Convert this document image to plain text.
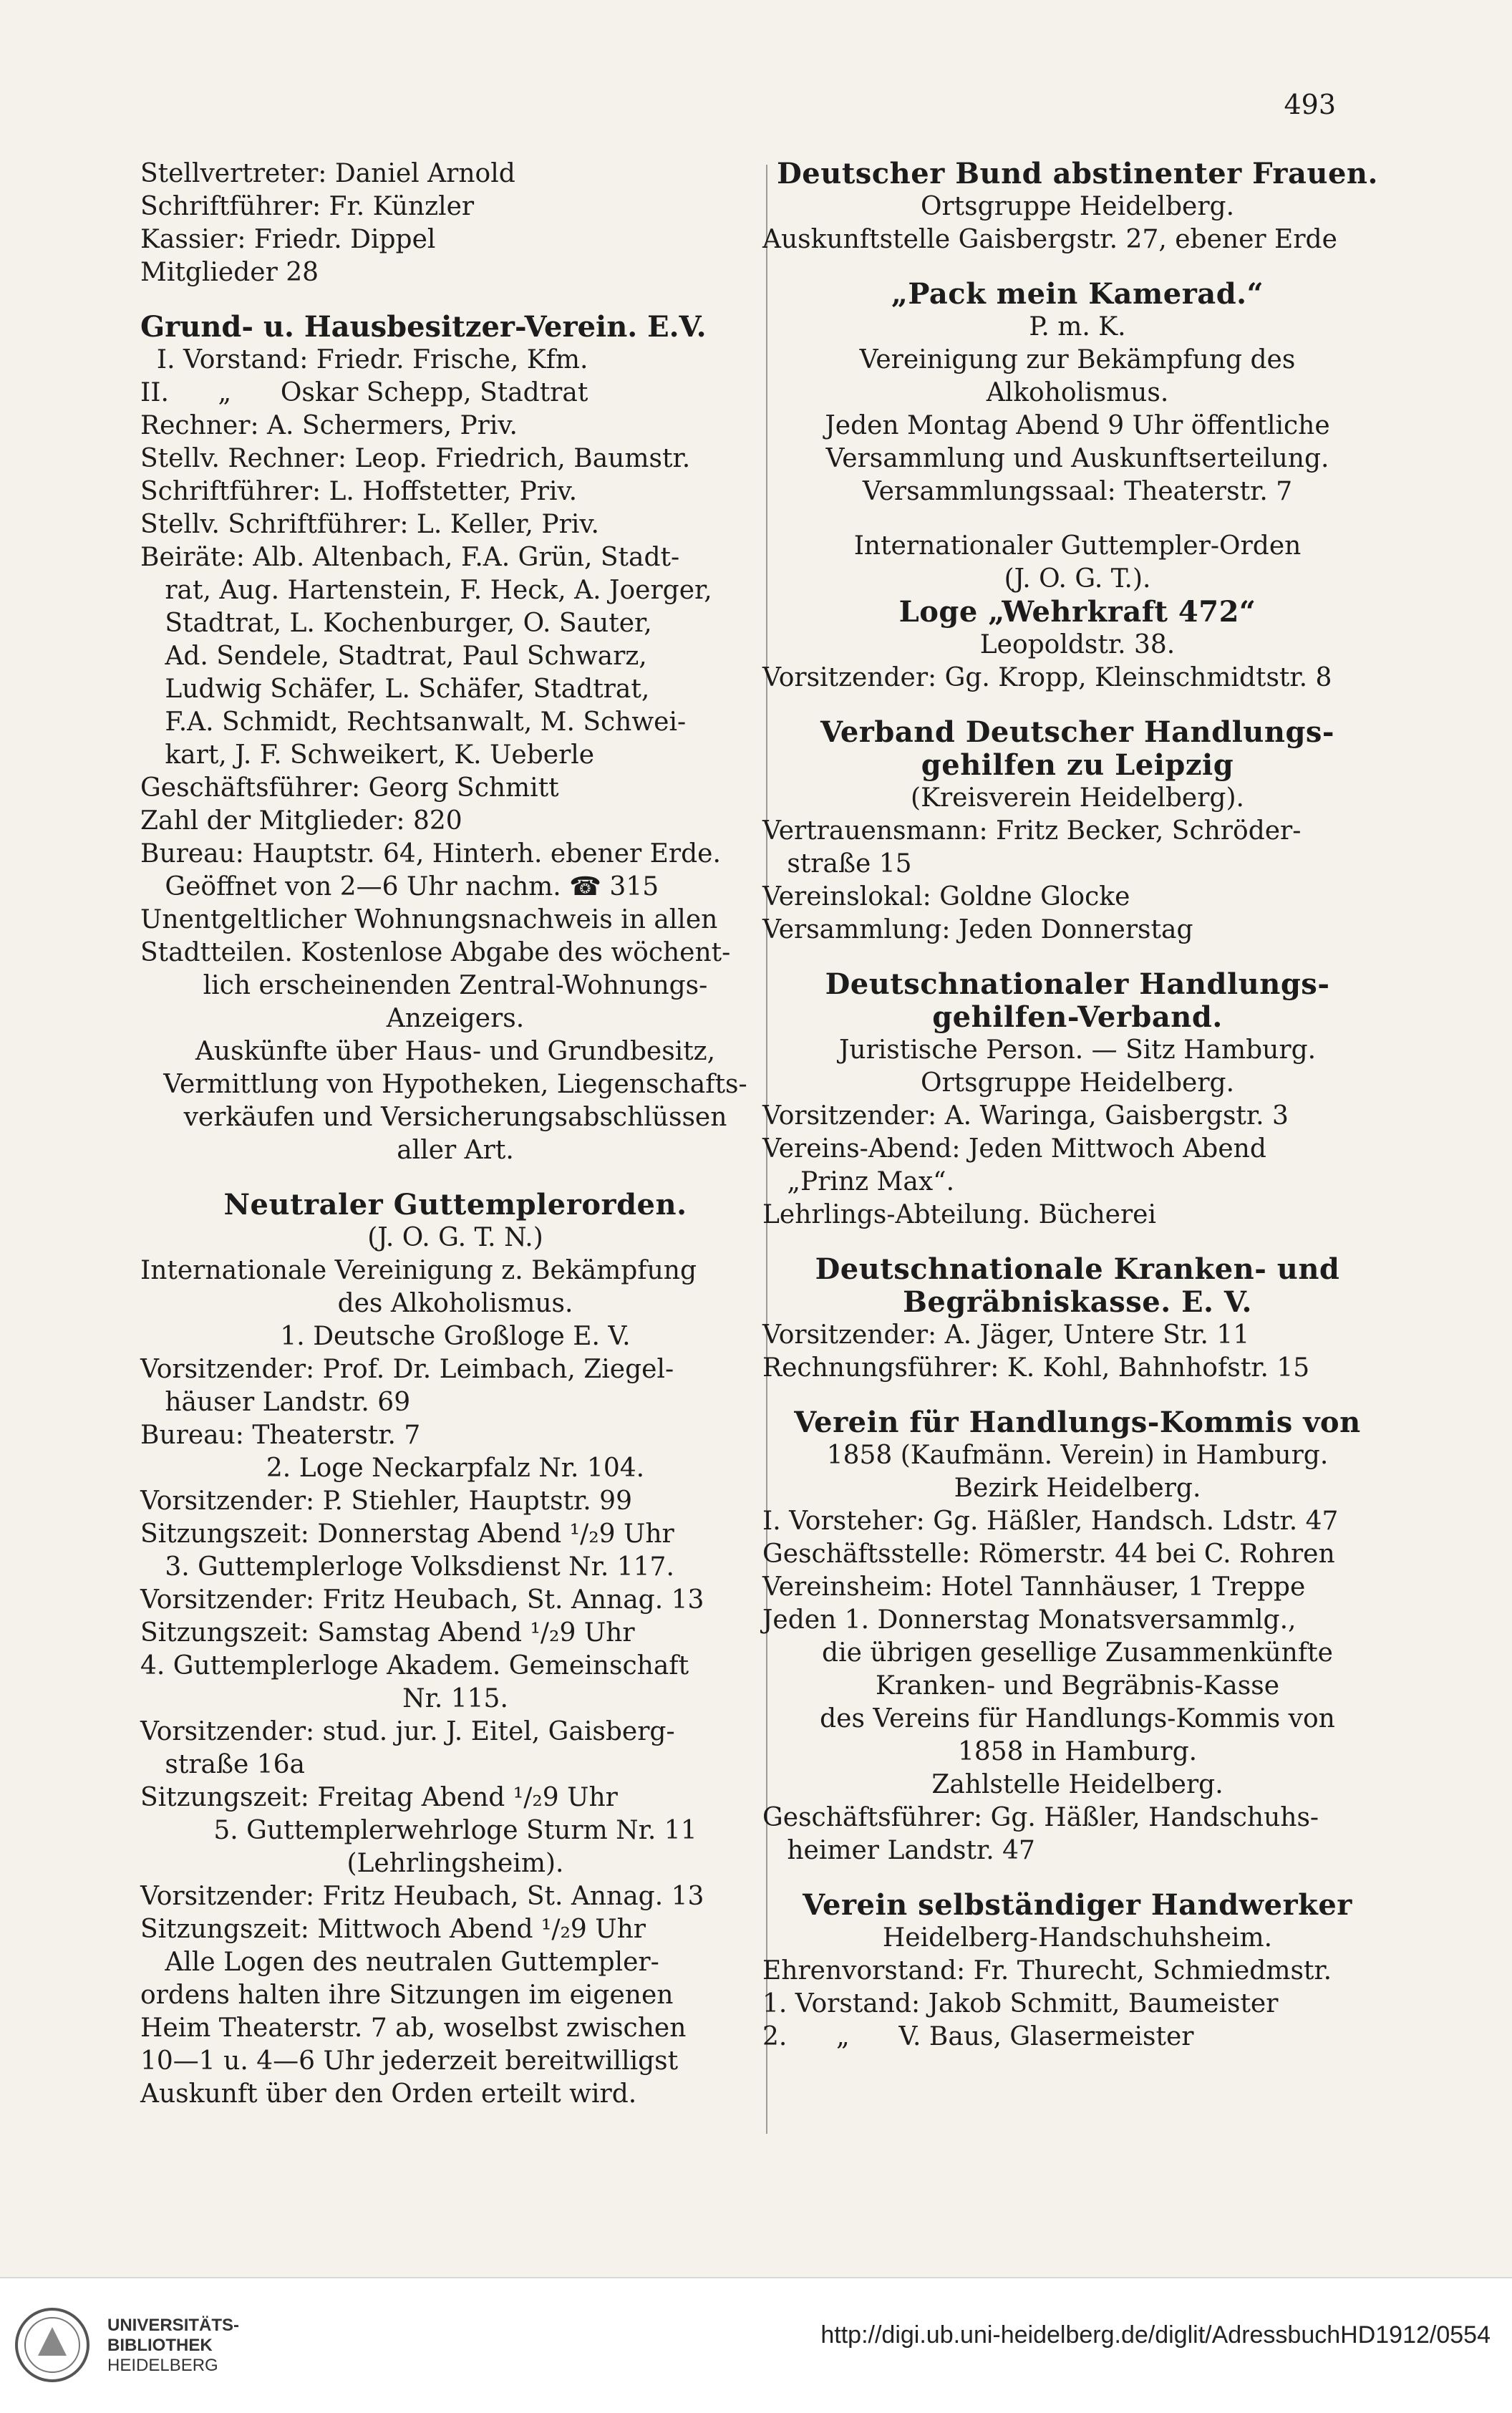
493

Stellvertreter: Daniel Arnold

Schriftführer: Fr. Künzler

Kassier: Friedr. Dippel

Mitglieder 28

Grund- u. Hausbesitzer-Verein. E.V.

I. Vorstand: Friedr. Frische, Kfm.

II.      „      Oskar Schepp, Stadtrat

Rechner: A. Schermers, Priv.

Stellv. Rechner: Leop. Friedrich, Baumstr.

Schriftführer: L. Hoffstetter, Priv.

Stellv. Schriftführer: L. Keller, Priv.

Beiräte: Alb. Altenbach, F.A. Grün, Stadt-

rat, Aug. Hartenstein, F. Heck, A. Joerger,

Stadtrat, L. Kochenburger, O. Sauter,

Ad. Sendele, Stadtrat, Paul Schwarz,

Ludwig Schäfer, L. Schäfer, Stadtrat,

F.A. Schmidt, Rechtsanwalt, M. Schwei-

kart, J. F. Schweikert, K. Ueberle

Geschäftsführer: Georg Schmitt

Zahl der Mitglieder: 820

Bureau: Hauptstr. 64, Hinterh. ebener Erde.

Geöffnet von 2—6 Uhr nachm. ☎ 315

Unentgeltlicher Wohnungsnachweis in allen

Stadtteilen. Kostenlose Abgabe des wöchent-

lich erscheinenden Zentral-Wohnungs-

Anzeigers.

Auskünfte über Haus- und Grundbesitz,

Vermittlung von Hypotheken, Liegenschafts-

verkäufen und Versicherungsabschlüssen

aller Art.

Neutraler Guttemplerorden.

(J. O. G. T. N.)

Internationale Vereinigung z. Bekämpfung

des Alkoholismus.

1. Deutsche Großloge E. V.

Vorsitzender: Prof. Dr. Leimbach, Ziegel-

häuser Landstr. 69

Bureau: Theaterstr. 7

2. Loge Neckarpfalz Nr. 104.

Vorsitzender: P. Stiehler, Hauptstr. 99

Sitzungszeit: Donnerstag Abend ¹/₂9 Uhr

3. Guttemplerloge Volksdienst Nr. 117.

Vorsitzender: Fritz Heubach, St. Annag. 13

Sitzungszeit: Samstag Abend ¹/₂9 Uhr

4. Guttemplerloge Akadem. Gemeinschaft

Nr. 115.

Vorsitzender: stud. jur. J. Eitel, Gaisberg-

straße 16a

Sitzungszeit: Freitag Abend ¹/₂9 Uhr

5. Guttemplerwehrloge Sturm Nr. 11

(Lehrlingsheim).

Vorsitzender: Fritz Heubach, St. Annag. 13

Sitzungszeit: Mittwoch Abend ¹/₂9 Uhr

Alle Logen des neutralen Guttempler-

ordens halten ihre Sitzungen im eigenen

Heim Theaterstr. 7 ab, woselbst zwischen

10—1 u. 4—6 Uhr jederzeit bereitwilligst

Auskunft über den Orden erteilt wird.

Deutscher Bund abstinenter Frauen.

Ortsgruppe Heidelberg.

Auskunftstelle Gaisbergstr. 27, ebener Erde

„Pack mein Kamerad.“

P. m. K.

Vereinigung zur Bekämpfung des

Alkoholismus.

Jeden Montag Abend 9 Uhr öffentliche

Versammlung und Auskunftserteilung.

Versammlungssaal: Theaterstr. 7

Internationaler Guttempler-Orden

(J. O. G. T.).

Loge „Wehrkraft 472“

Leopoldstr. 38.

Vorsitzender: Gg. Kropp, Kleinschmidtstr. 8

Verband Deutscher Handlungs-

gehilfen zu Leipzig

(Kreisverein Heidelberg).

Vertrauensmann: Fritz Becker, Schröder-

straße 15

Vereinslokal: Goldne Glocke

Versammlung: Jeden Donnerstag

Deutschnationaler Handlungs-

gehilfen-Verband.

Juristische Person. — Sitz Hamburg.

Ortsgruppe Heidelberg.

Vorsitzender: A. Waringa, Gaisbergstr. 3

Vereins-Abend: Jeden Mittwoch Abend

„Prinz Max“.

Lehrlings-Abteilung. Bücherei

Deutschnationale Kranken- und

Begräbniskasse. E. V.

Vorsitzender: A. Jäger, Untere Str. 11

Rechnungsführer: K. Kohl, Bahnhofstr. 15

Verein für Handlungs-Kommis von

1858 (Kaufmänn. Verein) in Hamburg.

Bezirk Heidelberg.

I. Vorsteher: Gg. Häßler, Handsch. Ldstr. 47

Geschäftsstelle: Römerstr. 44 bei C. Rohren

Vereinsheim: Hotel Tannhäuser, 1 Treppe

Jeden 1. Donnerstag Monatsversammlg.,

die übrigen gesellige Zusammenkünfte

Kranken- und Begräbnis-Kasse

des Vereins für Handlungs-Kommis von

1858 in Hamburg.

Zahlstelle Heidelberg.

Geschäftsführer: Gg. Häßler, Handschuhs-

heimer Landstr. 47

Verein selbständiger Handwerker

Heidelberg-Handschuhsheim.

Ehrenvorstand: Fr. Thurecht, Schmiedmstr.

1. Vorstand: Jakob Schmitt, Baumeister

2.      „      V. Baus, Glasermeister

UNIVERSITÄTS-
BIBLIOTHEK
HEIDELBERG
http://digi.ub.uni-heidelberg.de/diglit/AdressbuchHD1912/0554
